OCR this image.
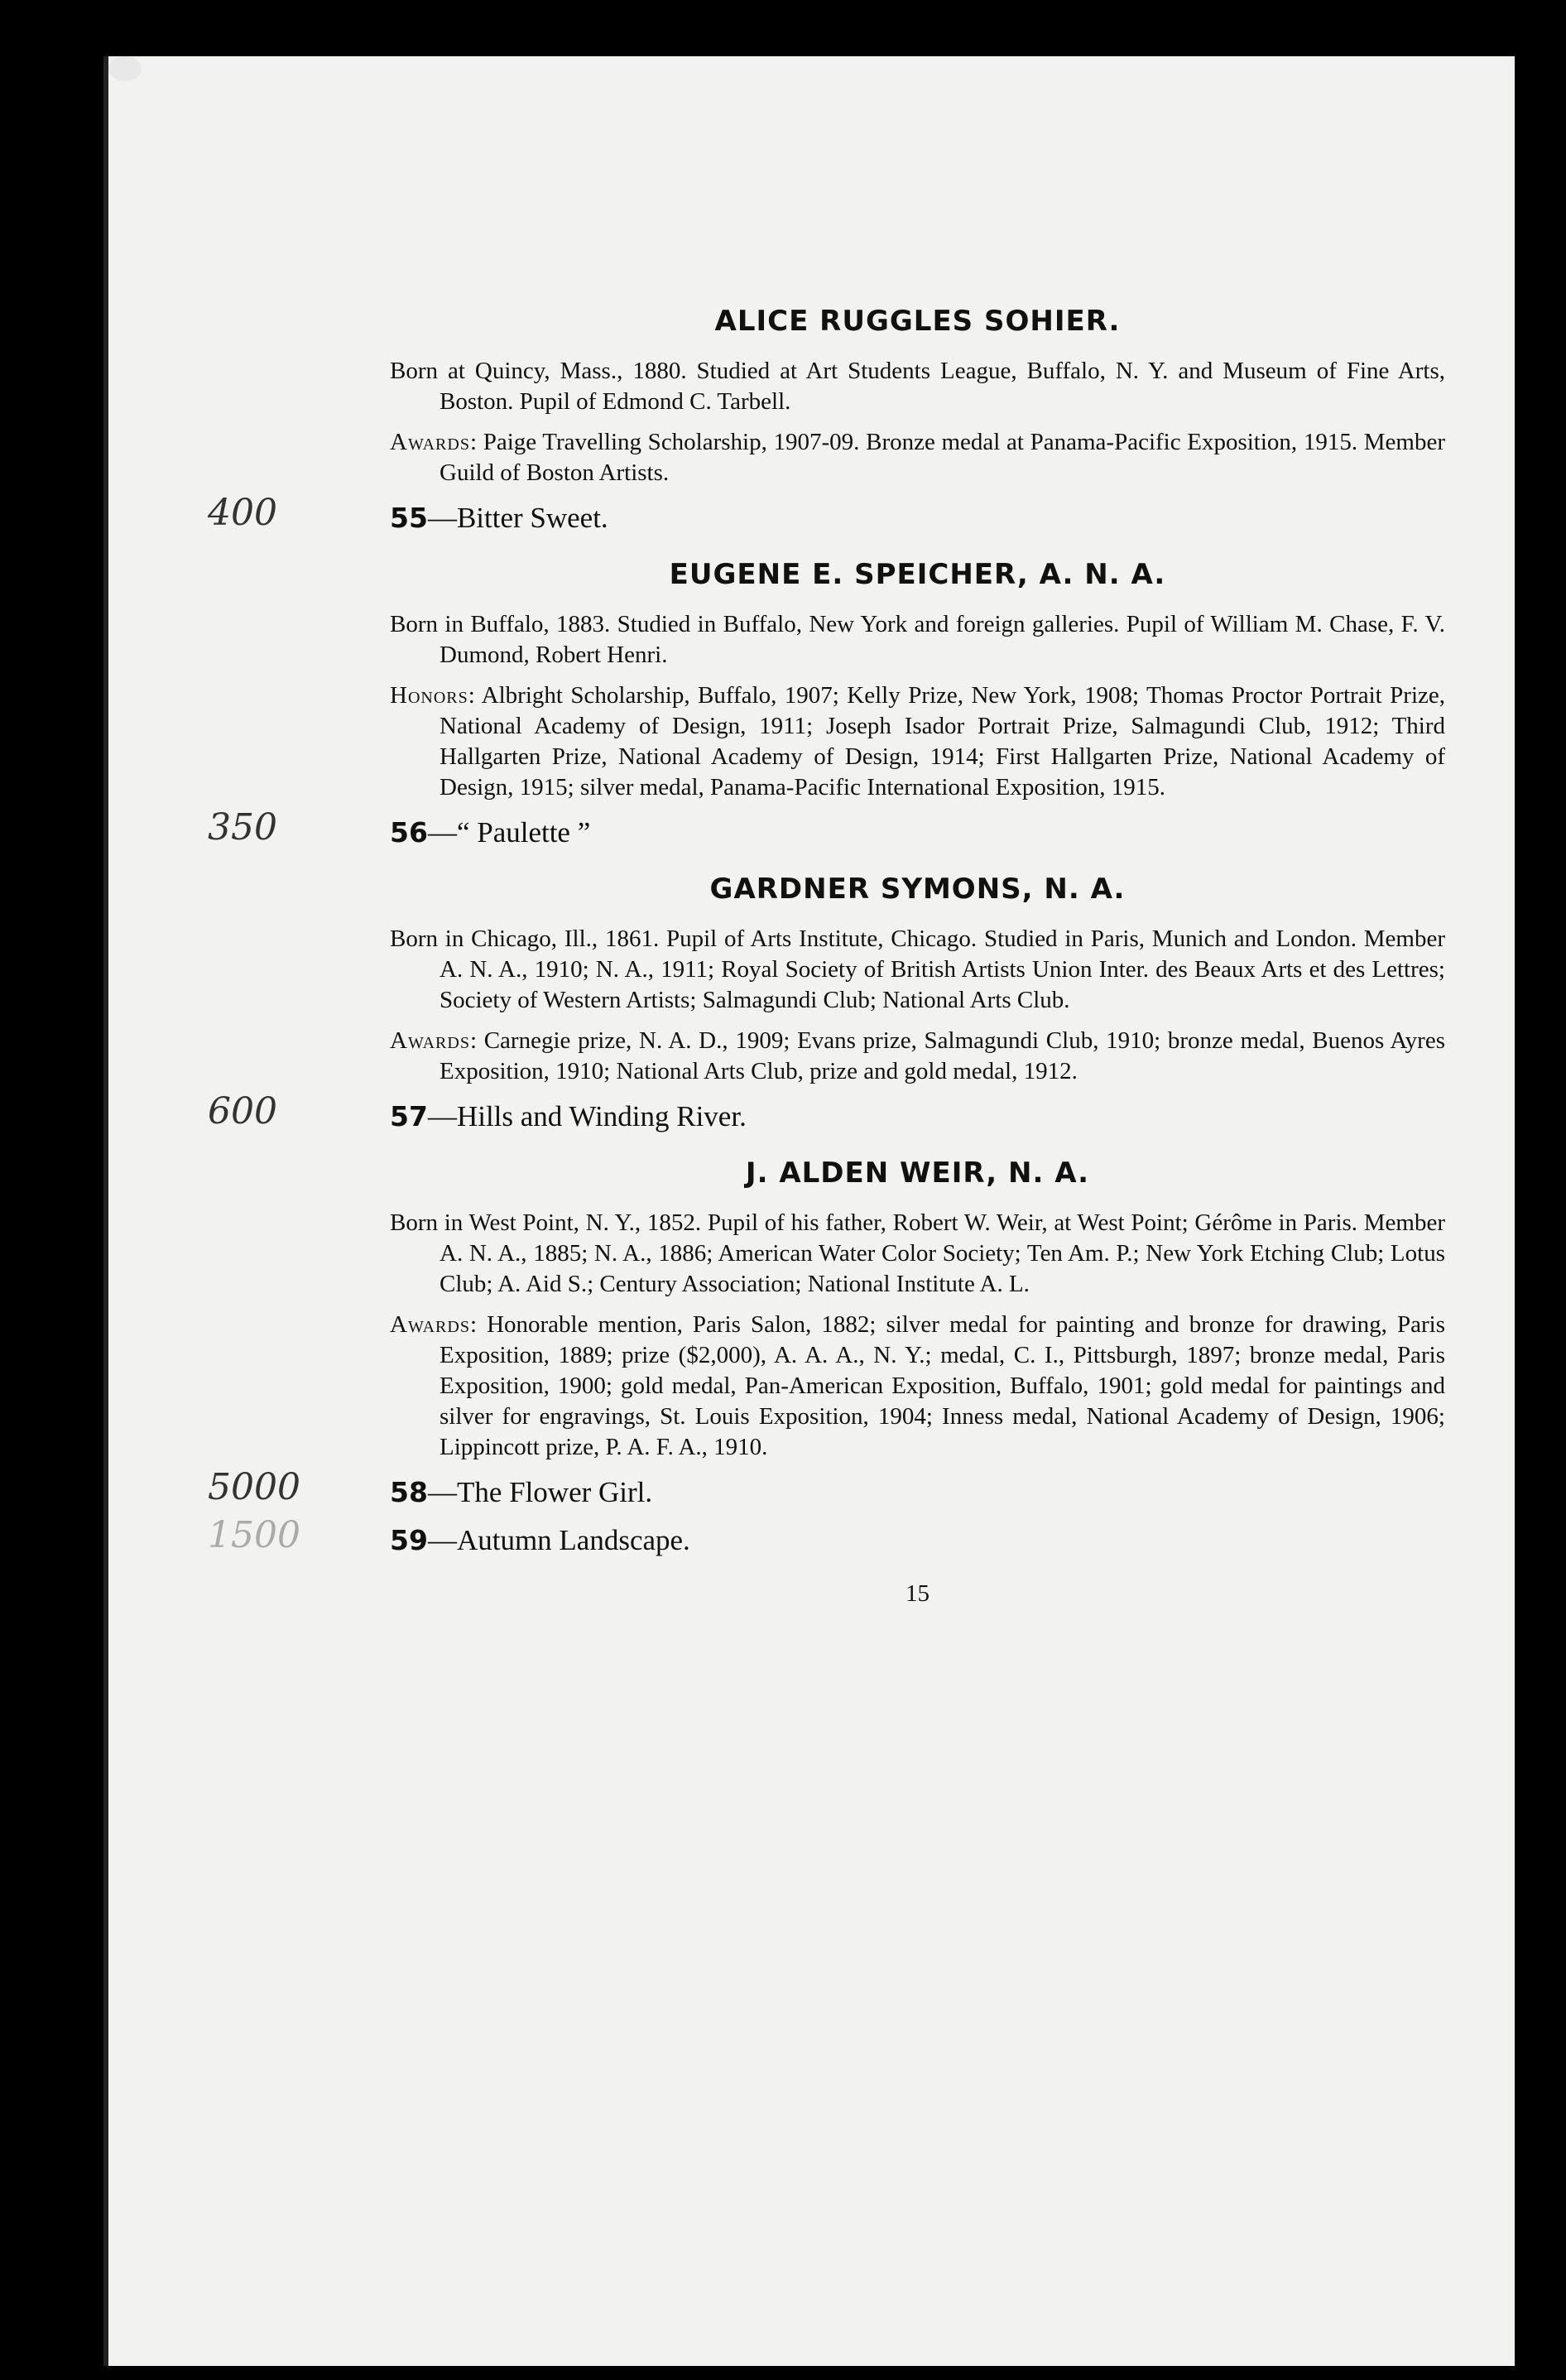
ALICE RUGGLES SOHIER.

Born at Quincy, Mass., 1880. Studied at Art Students League, Buffalo, N. Y. and Museum of Fine Arts, Boston. Pupil of Edmond C. Tarbell.

Awards: Paige Travelling Scholarship, 1907-09. Bronze medal at Panama-Pacific Exposition, 1915. Member Guild of Boston Artists.

400	55—Bitter Sweet.
EUGENE E. SPEICHER, A. N. A.

Born in Buffalo, 1883. Studied in Buffalo, New York and foreign galleries. Pupil of William M. Chase, F. V. Dumond, Robert Henri.

Honors: Albright Scholarship, Buffalo, 1907; Kelly Prize, New York, 1908; Thomas Proctor Portrait Prize, National Academy of Design, 1911; Joseph Isador Portrait Prize, Salmagundi Club, 1912; Third Hallgarten Prize, National Academy of Design, 1914; First Hallgarten Prize, National Academy of Design, 1915; silver medal, Panama-Pacific International Exposition, 1915.

350	56—“ Paulette ”
GARDNER SYMONS, N. A.

Born in Chicago, Ill., 1861. Pupil of Arts Institute, Chicago. Studied in Paris, Munich and London. Member A. N. A., 1910; N. A., 1911; Royal Society of British Artists Union Inter. des Beaux Arts et des Lettres; Society of Western Artists; Salmagundi Club; National Arts Club.

Awards: Carnegie prize, N. A. D., 1909; Evans prize, Salmagundi Club, 1910; bronze medal, Buenos Ayres Exposition, 1910; National Arts Club, prize and gold medal, 1912.

600	57—Hills and Winding River.
J. ALDEN WEIR, N. A.

Born in West Point, N. Y., 1852. Pupil of his father, Robert W. Weir, at West Point; Gérôme in Paris. Member A. N. A., 1885; N. A., 1886; American Water Color Society; Ten Am. P.; New York Etching Club; Lotus Club; A. Aid S.; Century Association; National Institute A. L.

Awards: Honorable mention, Paris Salon, 1882; silver medal for painting and bronze for drawing, Paris Exposition, 1889; prize ($2,000), A. A. A., N. Y.; medal, C. I., Pittsburgh, 1897; bronze medal, Paris Exposition, 1900; gold medal, Pan-American Exposition, Buffalo, 1901; gold medal for paintings and silver for engravings, St. Louis Exposition, 1904; Inness medal, National Academy of Design, 1906; Lippincott prize, P. A. F. A., 1910.

5000	58—The Flower Girl.
1500	59—Autumn Landscape.
15
